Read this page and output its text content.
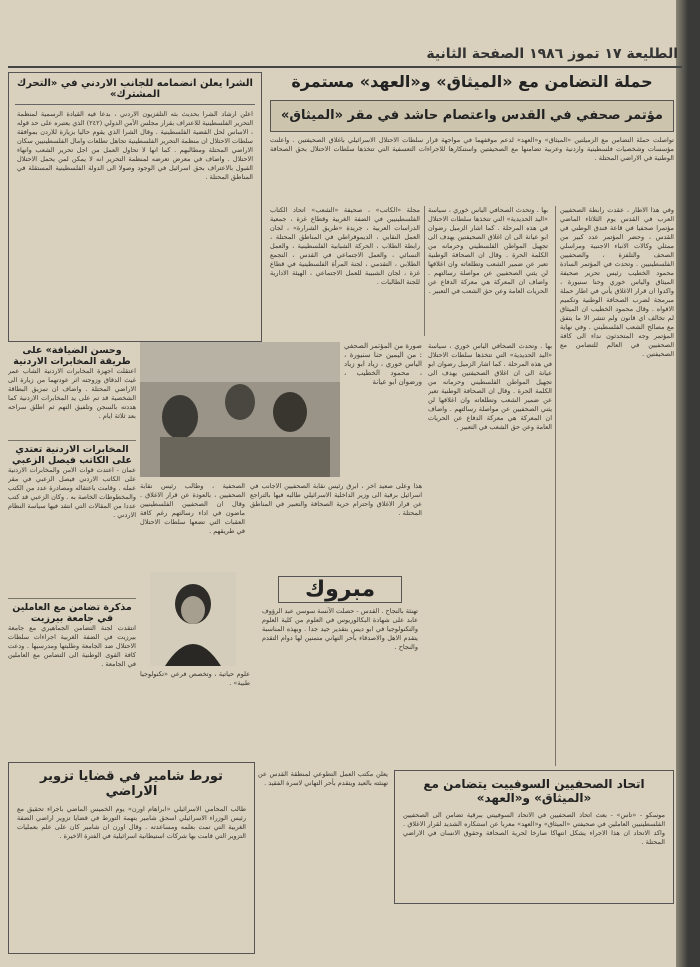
الطليعة ١٧ تموز ١٩٨٦ الصفحة الثانية
الشرا يعلن انضمامه للجانب الاردني في «التحرك المشترك»
اعلن ارشاد الشرا بحديث بثه التلفزيون الاردني ، بدعا فيه القيادة الرسمية لمنظمة التحرير الفلسطينية للاعتراف بقرار مجلس الأمن الدولي (٢٤٢) الذي يعتبره على حد قوله ، الاساس لحل القضية الفلسطينية . وقال الشرا الذي يقوم حاليا بزيارة للاردن بموافقة سلطات الاحتلال ان منظمة التحرير الفلسطينية تجاهل تطلعات وامال الفلسطينيين سكان الاراضي المحتلة ومطالبهم . كما انها لا تحاول العمل من اجل تحرير الشعب وانهاء الاحتلال . واضاف في معرض تعرضه لمنظمة التحرير انه لا يمكن لمن يحمل الاحتلال القبول بالاعتراف بحق اسرائيل في الوجود وصولا الى الدولة الفلسطينية المستقلة في المناطق المحتلة .
حملة التضامن مع «الميثاق» و«العهد» مستمرة
مؤتمر صحفي في القدس واعتصام حاشد في مقر «الميثاق»
تواصلت حملة التضامن مع الزميلتين «الميثاق» و«العهد» لدعم موقفهما في مواجهة قرار سلطات الاحتلال الاسرائيلي باغلاق الصحيفتين . واعلنت مؤسسات وشخصيات فلسطينية واردنية وعربية تضامنها مع الصحيفتين واستنكارها للاجراءات التعسفية التي تتخذها سلطات الاحتلال بحق الصحافة الوطنية في الاراضي المحتلة .
وفي هذا الاطار ، عقدت رابطة الصحفيين العرب في القدس يوم الثلاثاء الماضي مؤتمرا صحفيا في قاعة فندق الوطني في القدس ، وحضر المؤتمر عدد كبير من ممثلي وكالات الانباء الاجنبية ومراسلي الصحف والتلفزة ، والصحفيين الفلسطينيين . وتحدث في المؤتمر السادة محمود الخطيب رئيس تحرير صحيفة الميثاق والياس خوري وحنا سنيورة ، واكدوا ان قرار الاغلاق يأتي في اطار حملة مبرمجة لضرب الصحافة الوطنية وتكميم الافواه . وقال محمود الخطيب ان الميثاق لم تخالف اي قانون ولم تنشر الا ما يتفق مع مصالح الشعب الفلسطيني . وفي نهاية المؤتمر وجه المتحدثون نداء الى كافة الصحفيين في العالم للتضامن مع الصحيفتين .
بها . وتحدث الصحافي الياس خوري ، سياسة «اليد الحديدية» التي تتخذها سلطات الاحتلال في هذه المرحلة . كما اشار الزميل رضوان ابو عيانة الى ان اغلاق الصحيفتين يهدف الى تجهيل المواطن الفلسطيني وحرمانه من الكلمة الحرة . وقال ان الصحافة الوطنية تعبر عن ضمير الشعب وتطلعاته وان اغلاقها لن يثني الصحفيين عن مواصلة رسالتهم . واضاف ان المعركة هي معركة الدفاع عن الحريات العامة وعن حق الشعب في التعبير .
مجلة «الكاتب» ، صحيفة «الشعب» اتحاد الكتاب الفلسطينيين في الضفة الغربية وقطاع غزة ، جمعية الدراسات العربية ، جريدة «طريق الشرارة» ، لجان العمل النقابي ، الديموقراطي في المناطق المحتلة ، رابطة الطلاب ، الحركة الشبابية الفلسطينية ، والعمل النسائي ، والعمل الاجتماعي في القدس ، التجمع الطلابي ، التقدمي ، لجنة المرأة الفلسطينية في قطاع غزة ، لجان الشبيبة للعمل الاجتماعي ، الهيئة الادارية للجنة الطالبات .
صورة من المؤتمر الصحفي : من اليمين حنا سنيورة ، الياس خوري ، زياد ابو زياد ، محمود الخطيب ، ورضوان ابو عيانة
بها . وتحدث الصحافي الياس خوري ، سياسة «اليد الحديدية» التي تتخذها سلطات الاحتلال في هذه المرحلة . كما اشار الزميل رضوان ابو عيانة الى ان اغلاق الصحيفتين يهدف الى تجهيل المواطن الفلسطيني وحرمانه من الكلمة الحرة . وقال ان الصحافة الوطنية تعبر عن ضمير الشعب وتطلعاته وان اغلاقها لن يثني الصحفيين عن مواصلة رسالتهم . واضاف ان المعركة هي معركة الدفاع عن الحريات العامة وعن حق الشعب في التعبير .
الصحفية ، وطالب رئيس نقابة الصحفيين ، بالعودة عن قرار الاغلاق . وقال ان الصحفيين الفلسطينيين ماضون في اداء رسالتهم رغم كافة العقبات التي تضعها سلطات الاحتلال في طريقهم .
هذا وعلى صعيد اخر ، ابرق رئيس نقابة الصحفيين الاجانب في اسرائيل برقية الى وزير الداخلية الاسرائيلي طالبه فيها بالتراجع عن قرار الاغلاق واحترام حرية الصحافة والتعبير في المناطق المحتلة .
وحسن الضيافة» على طريقة المخابرات الاردنية
اعتقلت اجهزة المخابرات الاردنية الشاب عمر غيث الدقاق وزوجته اثر عودتهما من زيارة الى الاراضي المحتلة . واضاف ان تمزيق البطاقة الشخصية قد تم على يد المخابرات الاردنية كما هددته بالسجن وتلفيق التهم ثم اطلق سراحه بعد ثلاثة ايام .
المخابرات الاردنية تعتدي على الكاتب فيصل الزعبي
عمان - اعتدت قوات الامن والمخابرات الاردنية على الكاتب الاردني فيصل الزعبي في مقر عمله . وقامت باعتقاله ومصادرة عدد من الكتب والمخطوطات الخاصة به . وكان الزعبي قد كتب عددا من المقالات التي انتقد فيها سياسة النظام الاردني .
مذكرة تضامن مع العاملين في جامعة بيرزيت
انتقدت لجنة التضامن الجماهيري مع جامعة بيرزيت في الضفة الغربية اجراءات سلطات الاحتلال ضد الجامعة وطلبتها ومدرسيها . ودعت كافة القوى الوطنية الى التضامن مع العاملين في الجامعة .
علوم حياتية ، وتخصص فرعي «تكنولوجيا طبية» .
مبروك
تهنئة بالنجاح . القدس - حصلت الآنسة سوسن عبد الرؤوف عابد على شهادة البكالوريوس في العلوم من كلية العلوم والتكنولوجيا في ابو ديس بتقدير جيد جدا . وبهذه المناسبة يتقدم الاهل والاصدقاء بأحر التهاني متمنين لها دوام التقدم والنجاح .
تورط شامير في قضايا تزوير الاراضي
طالب المحامي الاسرائيلي «ابراهام اورن» يوم الخميس الماضي باجراء تحقيق مع رئيس الوزراء الاسرائيلي اسحق شامير بتهمة التورط في قضايا تزوير اراضي الضفة الغربية التي تمت بعلمه ومساعدته . وقال اورن ان شامير كان على علم بعمليات التزوير التي قامت بها شركات استيطانية اسرائيلية في الفترة الاخيرة .
يعلن مكتب العمل التطوعي لمنطقة القدس عن تهنئته بالعيد ويتقدم بأحر التهاني لاسرة الفقيد .	اتحاد الصحفيين السوفييت يتضامن مع «الميثاق» و«العهد»
موسكو - «تاس» - بعث اتحاد الصحفيين في الاتحاد السوفييتي ببرقية تضامن الى الصحفيين الفلسطينيين العاملين في صحيفتي «الميثاق» و«العهد» معربا عن استنكاره الشديد لقرار الاغلاق . واكد الاتحاد ان هذا الاجراء يشكل انتهاكا صارخا لحرية الصحافة وحقوق الانسان في الاراضي المحتلة .
